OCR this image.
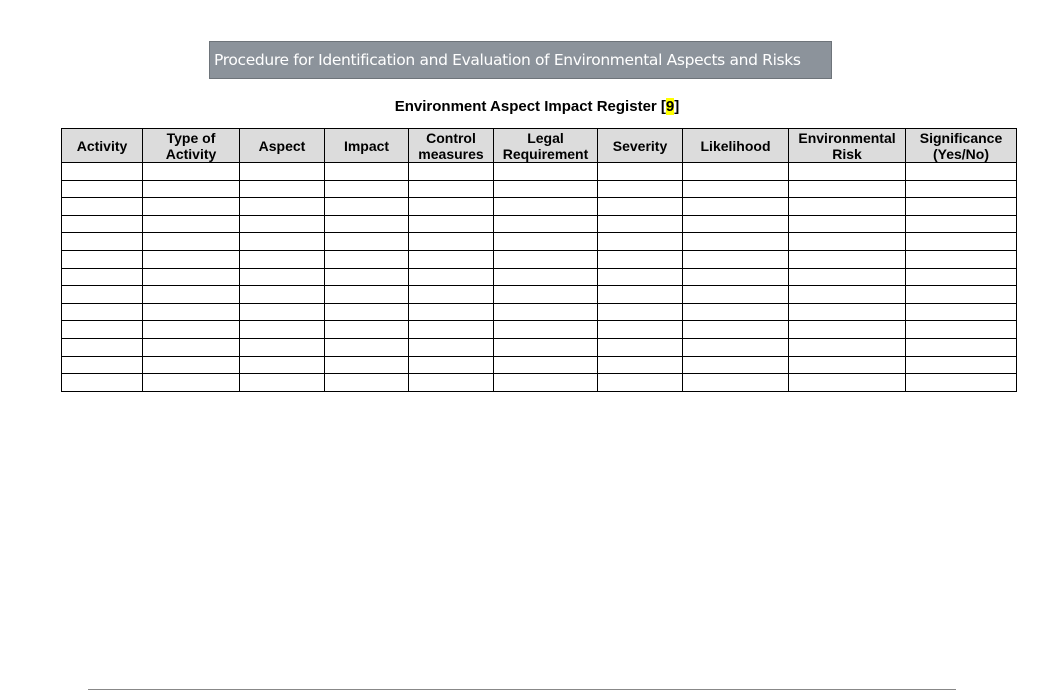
Procedure for Identification and Evaluation of Environmental Aspects and Risks
Environment Aspect Impact Register [9]
Activity	Type of Activity	Aspect	Impact	Control measures	Legal Requirement	Severity	Likelihood	Environmental Risk	Significance (Yes/No)
